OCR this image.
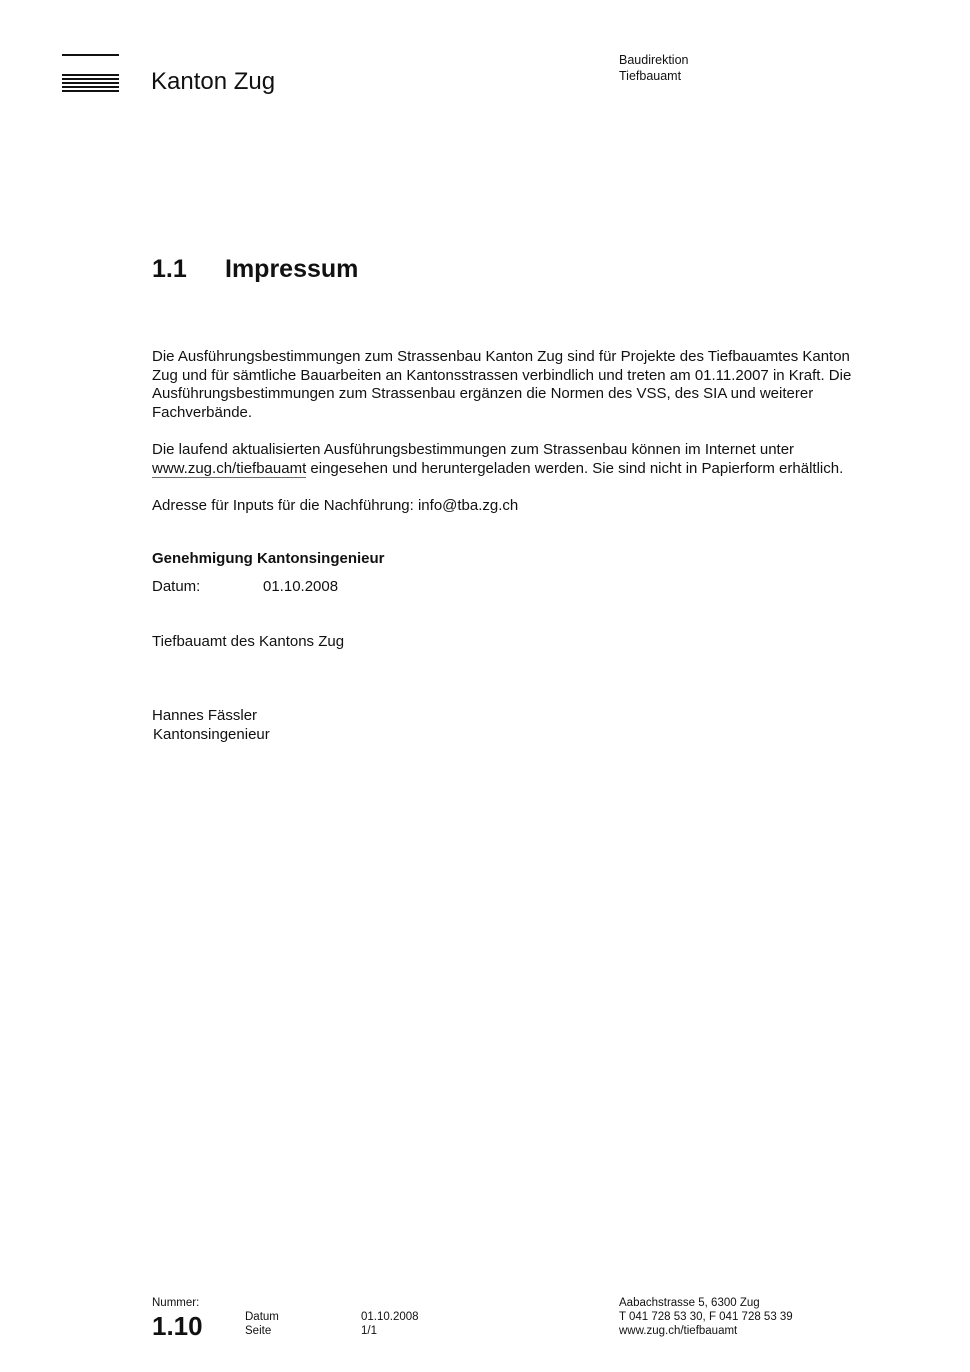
Kanton Zug
Baudirektion
Tiefbauamt
1.1 Impressum
Die Ausführungsbestimmungen zum Strassenbau Kanton Zug sind für Projekte des Tiefbauamtes Kanton
Zug und für sämtliche Bauarbeiten an Kantonsstrassen verbindlich und treten am 01.11.2007 in Kraft. Die
Ausführungsbestimmungen zum Strassenbau ergänzen die Normen des VSS, des SIA und weiterer
Fachverbände.
Die laufend aktualisierten Ausführungsbestimmungen zum Strassenbau können im Internet unter
www.zug.ch/tiefbauamt eingesehen und heruntergeladen werden. Sie sind nicht in Papierform erhältlich.
Adresse für Inputs für die Nachführung: info@tba.zg.ch
Genehmigung Kantonsingenieur
Datum:	01.10.2008
Tiefbauamt des Kantons Zug
Hannes Fässler
Kantonsingenieur
Nummer:
1.10	Datum
Seite
01.10.2008
1/1
Aabachstrasse 5, 6300 Zug
T 041 728 53 30, F 041 728 53 39
www.zug.ch/tiefbauamt
